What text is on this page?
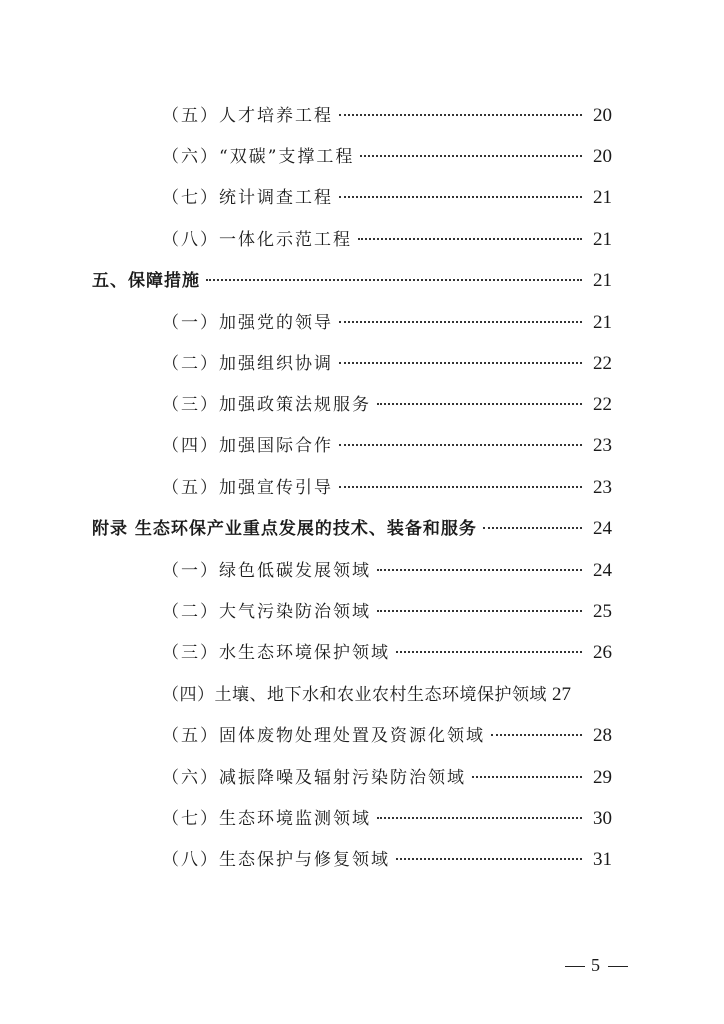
（五）人才培养工程	20
（六）“双碳”支撑工程	20
（七）统计调查工程	21
（八）一体化示范工程	21
五、保障措施	21
（一）加强党的领导	21
（二）加强组织协调	22
（三）加强政策法规服务	22
（四）加强国际合作	23
（五）加强宣传引导	23
附录 生态环保产业重点发展的技术、装备和服务	24
（一）绿色低碳发展领域	24
（二）大气污染防治领域	25
（三）水生态环境保护领域	26
（四）土壤、地下水和农业农村生态环境保护领域 27
（五）固体废物处理处置及资源化领域	28
（六）减振降噪及辐射污染防治领域	29
（七）生态环境监测领域	30
（八）生态保护与修复领域	31
5
